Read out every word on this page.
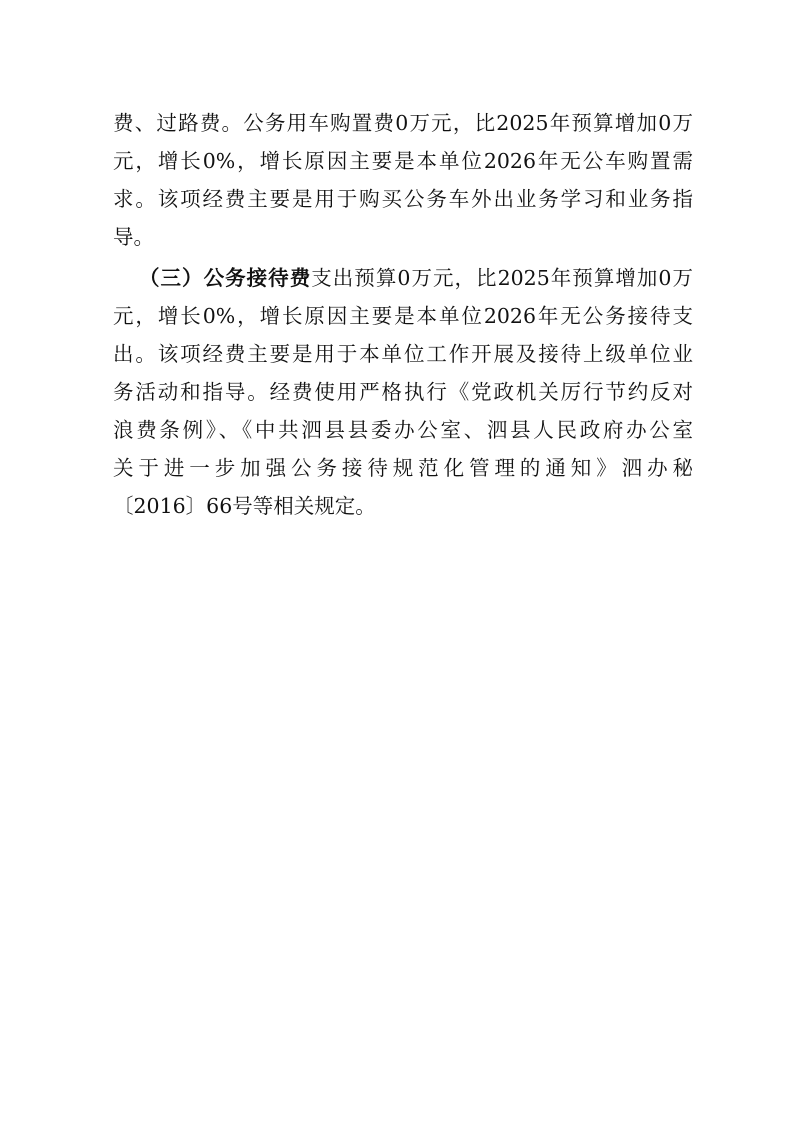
费、过路费。公务用车购置费0万元，比2025年预算增加0万
元，增长0%，增长原因主要是本单位2026年无公车购置需
求。该项经费主要是用于购买公务车外出业务学习和业务指
导。
（三）公务接待费支出预算0万元，比2025年预算增加0万
元，增长0%，增长原因主要是本单位2026年无公务接待支
出。该项经费主要是用于本单位工作开展及接待上级单位业
务活动和指导。经费使用严格执行《党政机关厉行节约反对
浪费条例》、《中共泗县县委办公室、泗县人民政府办公室
关于进一步加强公务接待规范化管理的通知》泗办秘
〔2016〕66号等相关规定。
